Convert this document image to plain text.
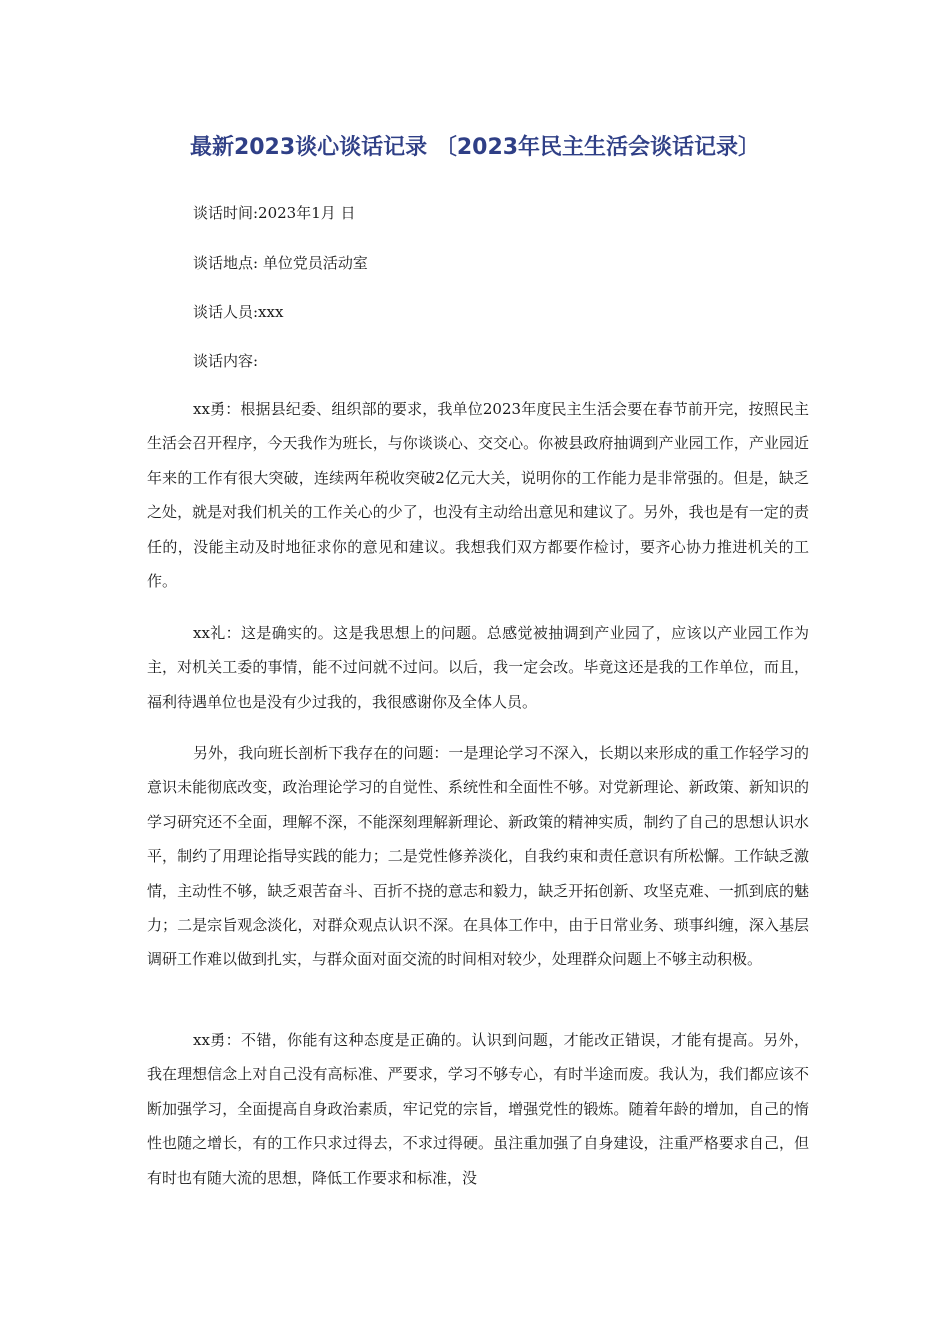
最新2023谈心谈话记录 〔2023年民主生活会谈话记录〕
谈话时间:2023年1月 日
谈话地点: 单位党员活动室
谈话人员:xxx
谈话内容:

xx勇：根据县纪委、组织部的要求，我单位2023年度民主生活会要在春节前开完，按照民主生活会召开程序，今天我作为班长，与你谈谈心、交交心。你被县政府抽调到产业园工作，产业园近年来的工作有很大突破，连续两年税收突破2亿元大关，说明你的工作能力是非常强的。但是，缺乏之处，就是对我们机关的工作关心的少了，也没有主动给出意见和建议了。另外，我也是有一定的责任的，没能主动及时地征求你的意见和建议。我想我们双方都要作检讨，要齐心协力推进机关的工作。

xx礼：这是确实的。这是我思想上的问题。总感觉被抽调到产业园了，应该以产业园工作为主，对机关工委的事情，能不过问就不过问。以后，我一定会改。毕竟这还是我的工作单位，而且，福利待遇单位也是没有少过我的，我很感谢你及全体人员。

另外，我向班长剖析下我存在的问题：一是理论学习不深入，长期以来形成的重工作轻学习的意识未能彻底改变，政治理论学习的自觉性、系统性和全面性不够。对党新理论、新政策、新知识的学习研究还不全面，理解不深，不能深刻理解新理论、新政策的精神实质，制约了自己的思想认识水平，制约了用理论指导实践的能力；二是党性修养淡化，自我约束和责任意识有所松懈。工作缺乏激情，主动性不够，缺乏艰苦奋斗、百折不挠的意志和毅力，缺乏开拓创新、攻坚克难、一抓到底的魅力；二是宗旨观念淡化，对群众观点认识不深。在具体工作中，由于日常业务、琐事纠缠，深入基层调研工作难以做到扎实，与群众面对面交流的时间相对较少，处理群众问题上不够主动积极。

xx勇：不错，你能有这种态度是正确的。认识到问题，才能改正错误，才能有提高。另外，我在理想信念上对自己没有高标准、严要求，学习不够专心，有时半途而废。我认为，我们都应该不断加强学习，全面提高自身政治素质，牢记党的宗旨，增强党性的锻炼。随着年龄的增加，自己的惰性也随之增长，有的工作只求过得去，不求过得硬。虽注重加强了自身建设，注重严格要求自己，但有时也有随大流的思想，降低工作要求和标准，没
